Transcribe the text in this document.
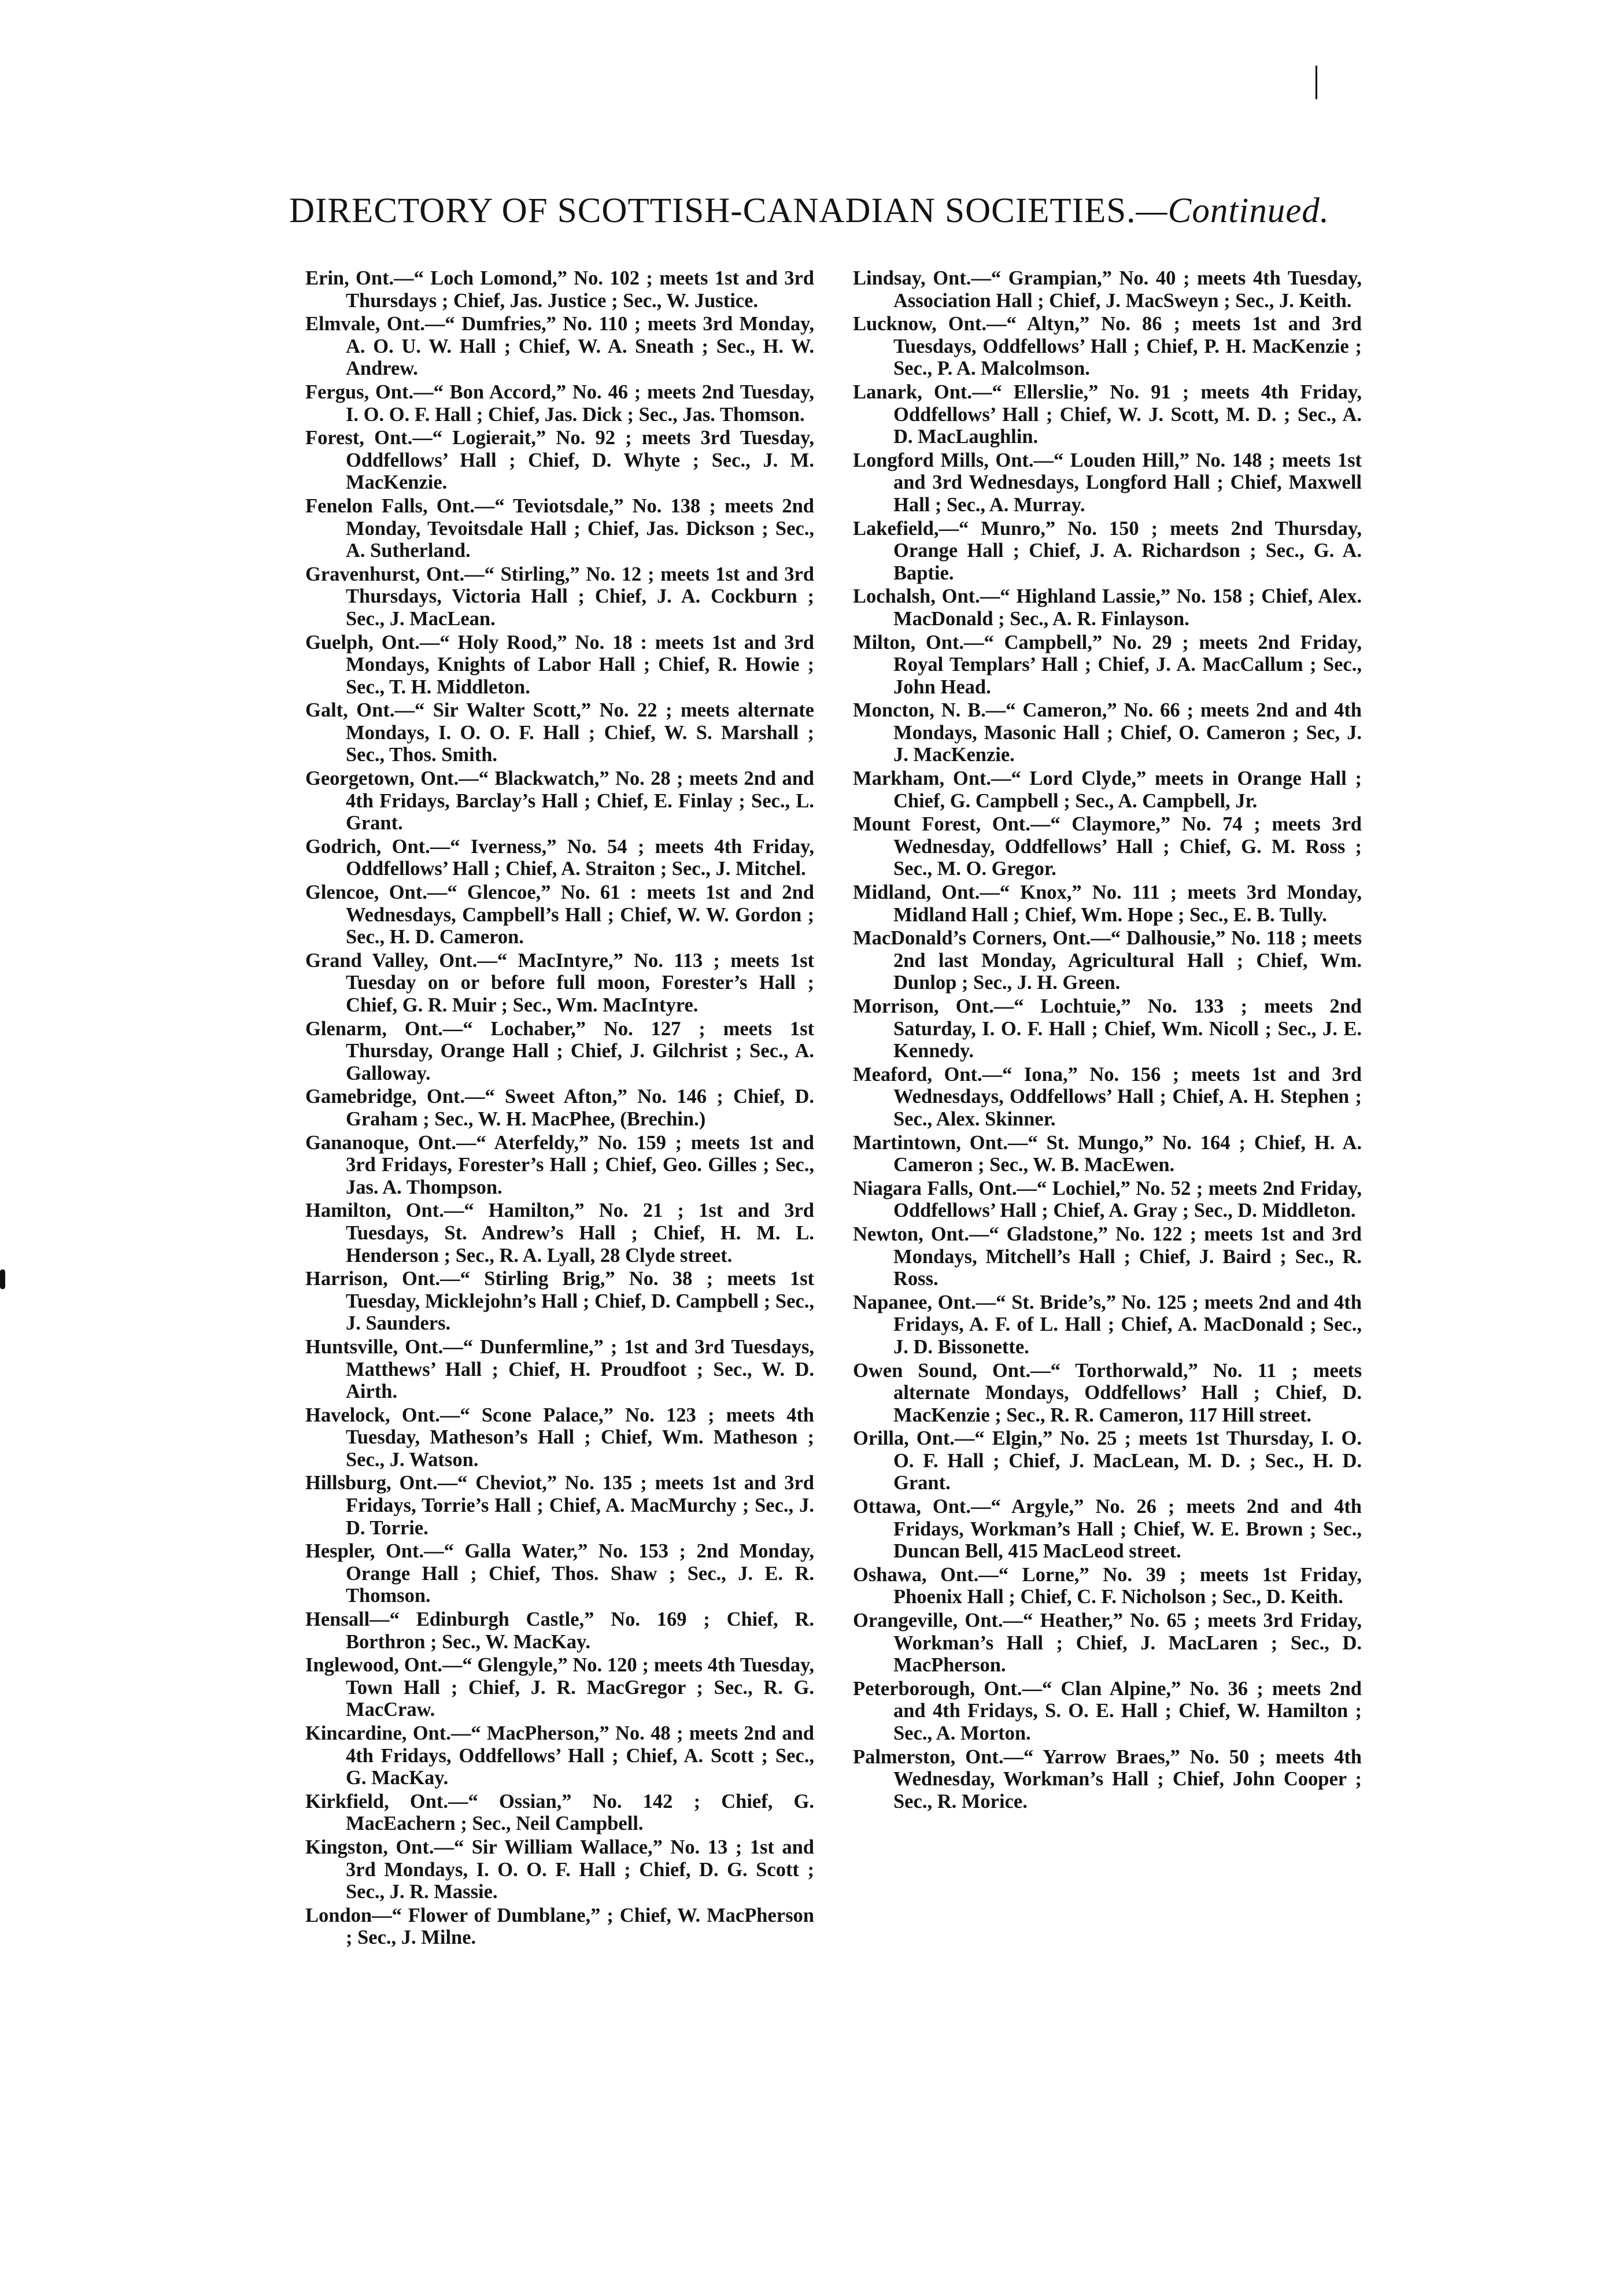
|
DIRECTORY OF SCOTTISH-CANADIAN SOCIETIES.—Continued.

Erin, Ont.—“ Loch Lomond,” No. 102 ; meets 1st and 3rd Thursdays ; Chief, Jas. Justice ; Sec., W. Justice.

Elmvale, Ont.—“ Dumfries,” No. 110 ; meets 3rd Monday, A. O. U. W. Hall ; Chief, W. A. Sneath ; Sec., H. W. Andrew.

Fergus, Ont.—“ Bon Accord,” No. 46 ; meets 2nd Tuesday, I. O. O. F. Hall ; Chief, Jas. Dick ; Sec., Jas. Thomson.

Forest, Ont.—“ Logierait,” No. 92 ; meets 3rd Tuesday, Oddfellows’ Hall ; Chief, D. Whyte ; Sec., J. M. MacKenzie.

Fenelon Falls, Ont.—“ Teviotsdale,” No. 138 ; meets 2nd Monday, Tevoitsdale Hall ; Chief, Jas. Dickson ; Sec., A. Sutherland.

Gravenhurst, Ont.—“ Stirling,” No. 12 ; meets 1st and 3rd Thursdays, Victoria Hall ; Chief, J. A. Cockburn ; Sec., J. MacLean.

Guelph, Ont.—“ Holy Rood,” No. 18 : meets 1st and 3rd Mondays, Knights of Labor Hall ; Chief, R. Howie ; Sec., T. H. Middleton.

Galt, Ont.—“ Sir Walter Scott,” No. 22 ; meets alternate Mondays, I. O. O. F. Hall ; Chief, W. S. Marshall ; Sec., Thos. Smith.

Georgetown, Ont.—“ Blackwatch,” No. 28 ; meets 2nd and 4th Fridays, Barclay’s Hall ; Chief, E. Finlay ; Sec., L. Grant.

Godrich, Ont.—“ Iverness,” No. 54 ; meets 4th Friday, Oddfellows’ Hall ; Chief, A. Straiton ; Sec., J. Mitchel.

Glencoe, Ont.—“ Glencoe,” No. 61 : meets 1st and 2nd Wednesdays, Campbell’s Hall ; Chief, W. W. Gordon ; Sec., H. D. Cameron.

Grand Valley, Ont.—“ MacIntyre,” No. 113 ; meets 1st Tuesday on or before full moon, Forester’s Hall ; Chief, G. R. Muir ; Sec., Wm. MacIntyre.

Glenarm, Ont.—“ Lochaber,” No. 127 ; meets 1st Thursday, Orange Hall ; Chief, J. Gilchrist ; Sec., A. Galloway.

Gamebridge, Ont.—“ Sweet Afton,” No. 146 ; Chief, D. Graham ; Sec., W. H. MacPhee, (Brechin.)

Gananoque, Ont.—“ Aterfeldy,” No. 159 ; meets 1st and 3rd Fridays, Forester’s Hall ; Chief, Geo. Gilles ; Sec., Jas. A. Thompson.

Hamilton, Ont.—“ Hamilton,” No. 21 ; 1st and 3rd Tuesdays, St. Andrew’s Hall ; Chief, H. M. L. Henderson ; Sec., R. A. Lyall, 28 Clyde street.

Harrison, Ont.—“ Stirling Brig,” No. 38 ; meets 1st Tuesday, Micklejohn’s Hall ; Chief, D. Campbell ; Sec., J. Saunders.

Huntsville, Ont.—“ Dunfermline,” ; 1st and 3rd Tuesdays, Matthews’ Hall ; Chief, H. Proudfoot ; Sec., W. D. Airth.

Havelock, Ont.—“ Scone Palace,” No. 123 ; meets 4th Tuesday, Matheson’s Hall ; Chief, Wm. Matheson ; Sec., J. Watson.

Hillsburg, Ont.—“ Cheviot,” No. 135 ; meets 1st and 3rd Fridays, Torrie’s Hall ; Chief, A. MacMurchy ; Sec., J. D. Torrie.

Hespler, Ont.—“ Galla Water,” No. 153 ; 2nd Monday, Orange Hall ; Chief, Thos. Shaw ; Sec., J. E. R. Thomson.

Hensall—“ Edinburgh Castle,” No. 169 ; Chief, R. Borthron ; Sec., W. MacKay.

Inglewood, Ont.—“ Glengyle,” No. 120 ; meets 4th Tuesday, Town Hall ; Chief, J. R. MacGregor ; Sec., R. G. MacCraw.

Kincardine, Ont.—“ MacPherson,” No. 48 ; meets 2nd and 4th Fridays, Oddfellows’ Hall ; Chief, A. Scott ; Sec., G. MacKay.

Kirkfield, Ont.—“ Ossian,” No. 142 ; Chief, G. MacEachern ; Sec., Neil Campbell.

Kingston, Ont.—“ Sir William Wallace,” No. 13 ; 1st and 3rd Mondays, I. O. O. F. Hall ; Chief, D. G. Scott ; Sec., J. R. Massie.

London—“ Flower of Dumblane,” ; Chief, W. MacPherson ; Sec., J. Milne.

Lindsay, Ont.—“ Grampian,” No. 40 ; meets 4th Tuesday, Association Hall ; Chief, J. MacSweyn ; Sec., J. Keith.

Lucknow, Ont.—“ Altyn,” No. 86 ; meets 1st and 3rd Tuesdays, Oddfellows’ Hall ; Chief, P. H. MacKenzie ; Sec., P. A. Malcolmson.

Lanark, Ont.—“ Ellerslie,” No. 91 ; meets 4th Friday, Oddfellows’ Hall ; Chief, W. J. Scott, M. D. ; Sec., A. D. MacLaughlin.

Longford Mills, Ont.—“ Louden Hill,” No. 148 ; meets 1st and 3rd Wednesdays, Longford Hall ; Chief, Maxwell Hall ; Sec., A. Murray.

Lakefield,—“ Munro,” No. 150 ; meets 2nd Thursday, Orange Hall ; Chief, J. A. Richardson ; Sec., G. A. Baptie.

Lochalsh, Ont.—“ Highland Lassie,” No. 158 ; Chief, Alex. MacDonald ; Sec., A. R. Finlayson.

Milton, Ont.—“ Campbell,” No. 29 ; meets 2nd Friday, Royal Templars’ Hall ; Chief, J. A. MacCallum ; Sec., John Head.

Moncton, N. B.—“ Cameron,” No. 66 ; meets 2nd and 4th Mondays, Masonic Hall ; Chief, O. Cameron ; Sec, J. J. MacKenzie.

Markham, Ont.—“ Lord Clyde,” meets in Orange Hall ; Chief, G. Campbell ; Sec., A. Campbell, Jr.

Mount Forest, Ont.—“ Claymore,” No. 74 ; meets 3rd Wednesday, Oddfellows’ Hall ; Chief, G. M. Ross ; Sec., M. O. Gregor.

Midland, Ont.—“ Knox,” No. 111 ; meets 3rd Monday, Midland Hall ; Chief, Wm. Hope ; Sec., E. B. Tully.

MacDonald’s Corners, Ont.—“ Dalhousie,” No. 118 ; meets 2nd last Monday, Agricultural Hall ; Chief, Wm. Dunlop ; Sec., J. H. Green.

Morrison, Ont.—“ Lochtuie,” No. 133 ; meets 2nd Saturday, I. O. F. Hall ; Chief, Wm. Nicoll ; Sec., J. E. Kennedy.

Meaford, Ont.—“ Iona,” No. 156 ; meets 1st and 3rd Wednesdays, Oddfellows’ Hall ; Chief, A. H. Stephen ; Sec., Alex. Skinner.

Martintown, Ont.—“ St. Mungo,” No. 164 ; Chief, H. A. Cameron ; Sec., W. B. MacEwen.

Niagara Falls, Ont.—“ Lochiel,” No. 52 ; meets 2nd Friday, Oddfellows’ Hall ; Chief, A. Gray ; Sec., D. Middleton.

Newton, Ont.—“ Gladstone,” No. 122 ; meets 1st and 3rd Mondays, Mitchell’s Hall ; Chief, J. Baird ; Sec., R. Ross.

Napanee, Ont.—“ St. Bride’s,” No. 125 ; meets 2nd and 4th Fridays, A. F. of L. Hall ; Chief, A. MacDonald ; Sec., J. D. Bissonette.

Owen Sound, Ont.—“ Torthorwald,” No. 11 ; meets alternate Mondays, Oddfellows’ Hall ; Chief, D. MacKenzie ; Sec., R. R. Cameron, 117 Hill street.

Orilla, Ont.—“ Elgin,” No. 25 ; meets 1st Thursday, I. O. O. F. Hall ; Chief, J. MacLean, M. D. ; Sec., H. D. Grant.

Ottawa, Ont.—“ Argyle,” No. 26 ; meets 2nd and 4th Fridays, Workman’s Hall ; Chief, W. E. Brown ; Sec., Duncan Bell, 415 MacLeod street.

Oshawa, Ont.—“ Lorne,” No. 39 ; meets 1st Friday, Phoenix Hall ; Chief, C. F. Nicholson ; Sec., D. Keith.

Orangeville, Ont.—“ Heather,” No. 65 ; meets 3rd Friday, Workman’s Hall ; Chief, J. MacLaren ; Sec., D. MacPherson.

Peterborough, Ont.—“ Clan Alpine,” No. 36 ; meets 2nd and 4th Fridays, S. O. E. Hall ; Chief, W. Hamilton ; Sec., A. Morton.

Palmerston, Ont.—“ Yarrow Braes,” No. 50 ; meets 4th Wednesday, Workman’s Hall ; Chief, John Cooper ; Sec., R. Morice.
